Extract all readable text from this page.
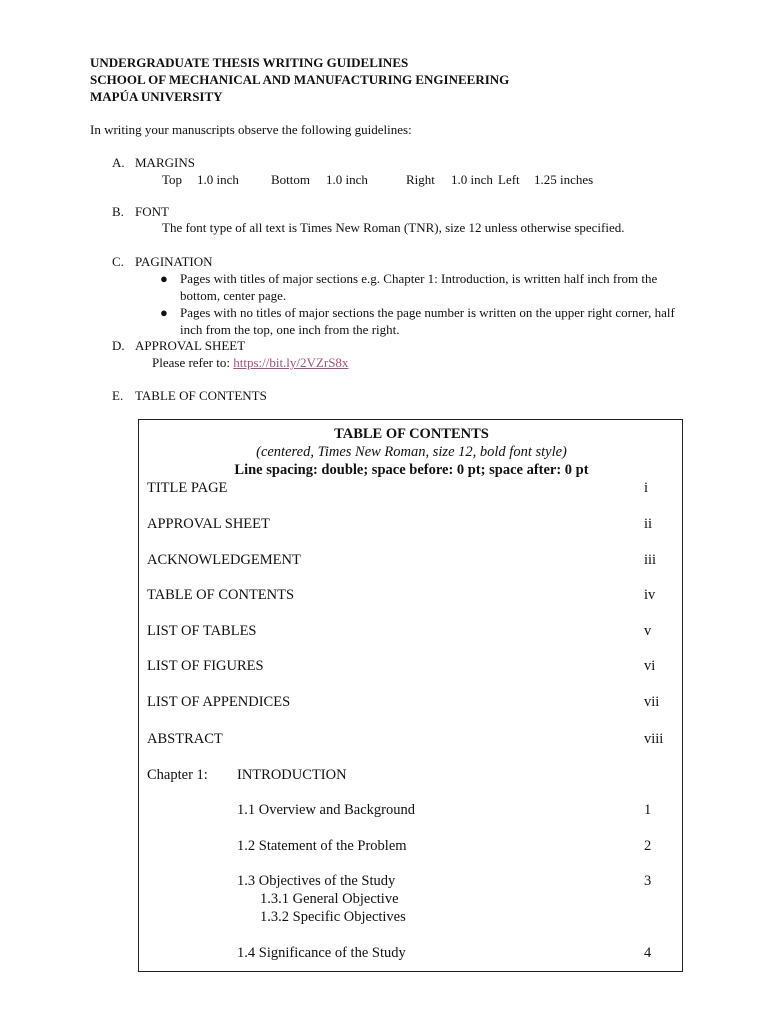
UNDERGRADUATE THESIS WRITING GUIDELINES
SCHOOL OF MECHANICAL AND MANUFACTURING ENGINEERING
MAPÚA UNIVERSITY
In writing your manuscripts observe the following guidelines:
A. MARGINS
Top 1.0 inch Bottom 1.0 inch	Right 1.0 inch Left 1.25 inches
B. FONT
The font type of all text is Times New Roman (TNR), size 12 unless otherwise specified.
C. PAGINATION
● Pages with titles of major sections e.g. Chapter 1: Introduction, is written half inch from the
bottom, center page.
● Pages with no titles of major sections the page number is written on the upper right corner, half
inch from the top, one inch from the right.
D. APPROVAL SHEET
Please refer to: https://bit.ly/2VZrS8x
E. TABLE OF CONTENTS
TABLE OF CONTENTS
(centered, Times New Roman, size 12, bold font style)
Line spacing: double; space before: 0 pt; space after: 0 pt
TITLE PAGE	i
APPROVAL SHEET	ii
ACKNOWLEDGEMENT	iii
TABLE OF CONTENTS	iv
LIST OF TABLES	v
LIST OF FIGURES	vi
LIST OF APPENDICES	vii
ABSTRACT	viii
Chapter 1: INTRODUCTION
1.1 Overview and Background	1
1.2 Statement of the Problem	2
1.3 Objectives of the Study	3
1.3.1 General Objective
1.3.2 Specific Objectives
1.4 Significance of the Study	4
